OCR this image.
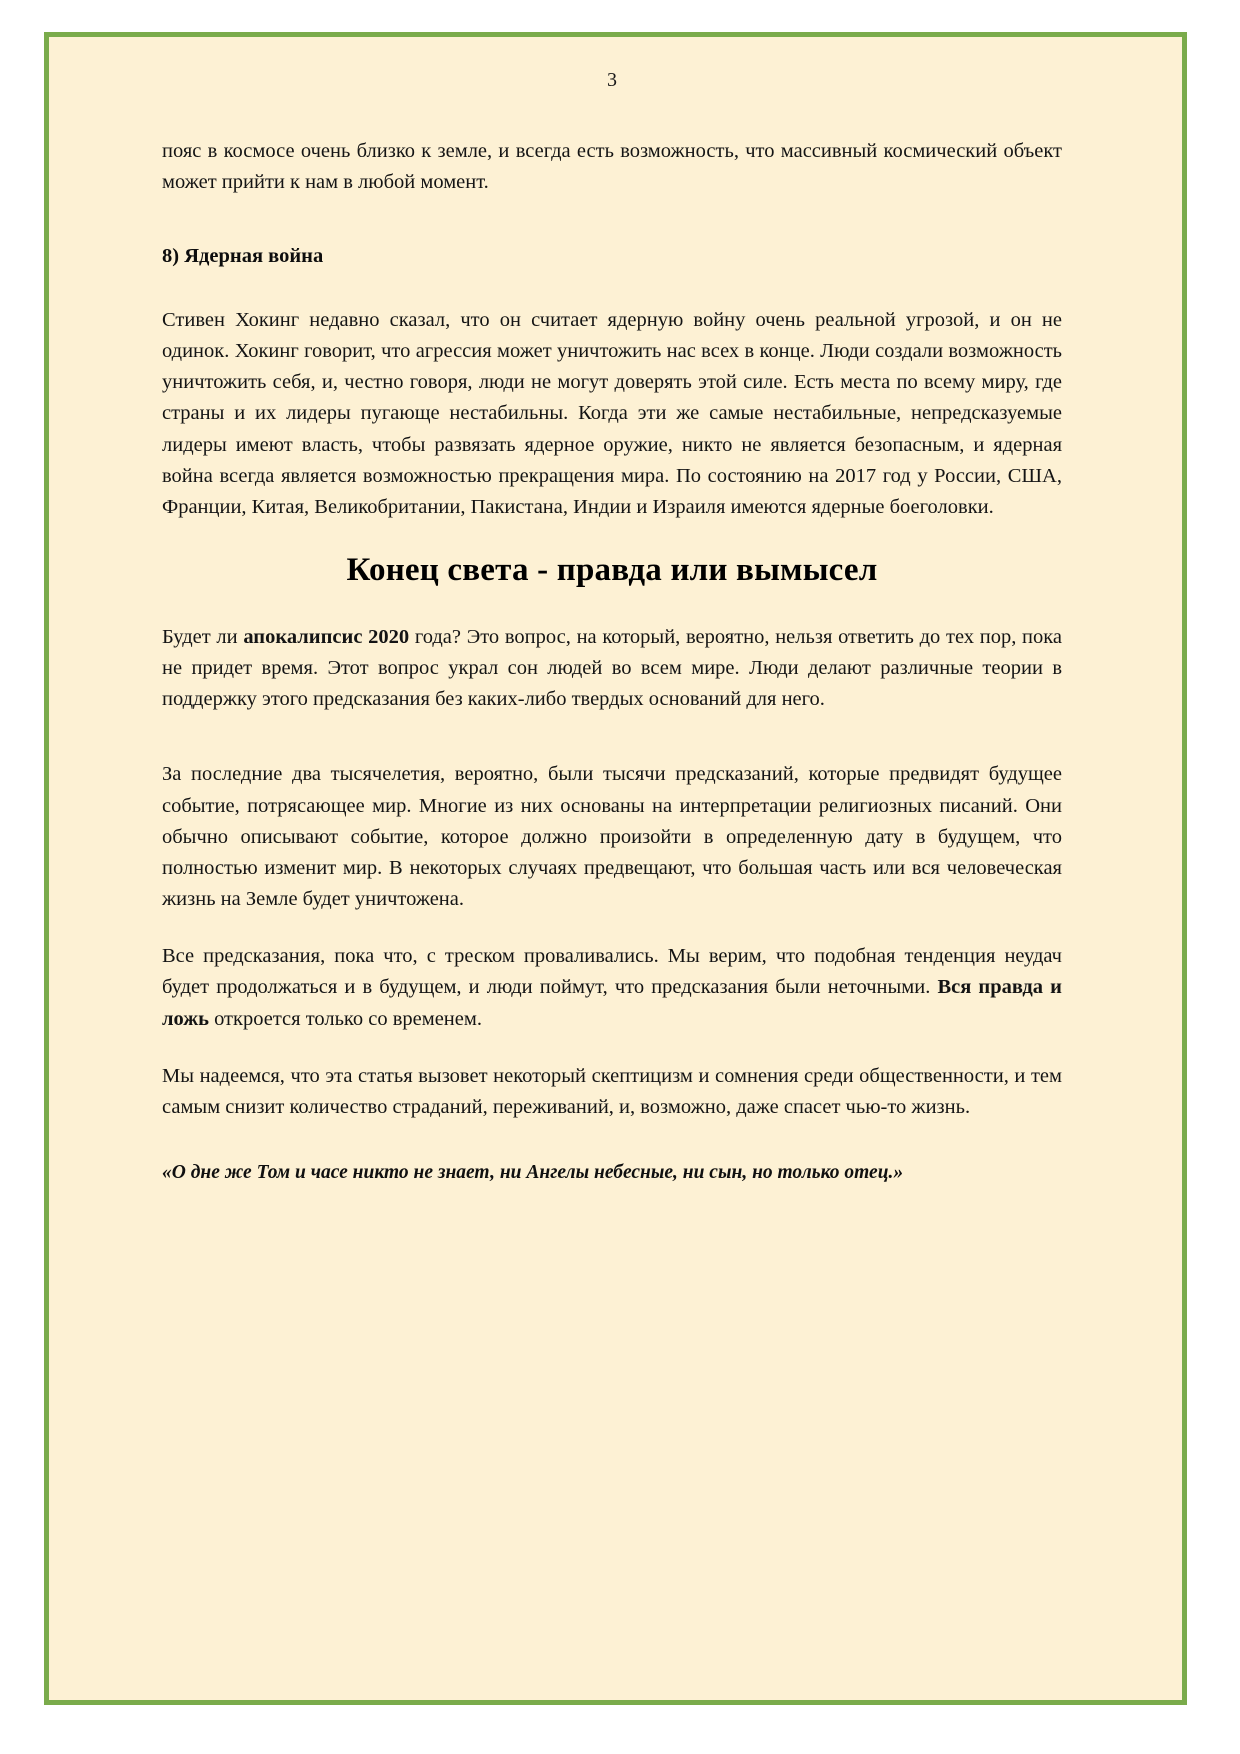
3

пояс в космосе очень близко к земле, и всегда есть возможность, что массивный космический объект может прийти к нам в любой момент.

8) Ядерная война

Стивен Хокинг недавно сказал, что он считает ядерную войну очень реальной угрозой, и он не одинок. Хокинг говорит, что агрессия может уничтожить нас всех в конце. Люди создали возможность уничтожить себя, и, честно говоря, люди не могут доверять этой силе. Есть места по всему миру, где страны и их лидеры пугающе нестабильны. Когда эти же самые нестабильные, непредсказуемые лидеры имеют власть, чтобы развязать ядерное оружие, никто не является безопасным, и ядерная война всегда является возможностью прекращения мира. По состоянию на 2017 год у России, США, Франции, Китая, Великобритании, Пакистана, Индии и Израиля имеются ядерные боеголовки.

Конец света - правда или вымысел

Будет ли апокалипсис 2020 года? Это вопрос, на который, вероятно, нельзя ответить до тех пор, пока не придет время. Этот вопрос украл сон людей во всем мире. Люди делают различные теории в поддержку этого предсказания без каких-либо твердых оснований для него.

За последние два тысячелетия, вероятно, были тысячи предсказаний, которые предвидят будущее событие, потрясающее мир. Многие из них основаны на интерпретации религиозных писаний. Они обычно описывают событие, которое должно произойти в определенную дату в будущем, что полностью изменит мир. В некоторых случаях предвещают, что большая часть или вся человеческая жизнь на Земле будет уничтожена.

Все предсказания, пока что, с треском проваливались. Мы верим, что подобная тенденция неудач будет продолжаться и в будущем, и люди поймут, что предсказания были неточными. Вся правда и ложь откроется только со временем.

Мы надеемся, что эта статья вызовет некоторый скептицизм и сомнения среди общественности, и тем самым снизит количество страданий, переживаний, и, возможно, даже спасет чью-то жизнь.

«О дне же Том и часе никто не знает, ни Ангелы небесные, ни сын, но только отец.»
